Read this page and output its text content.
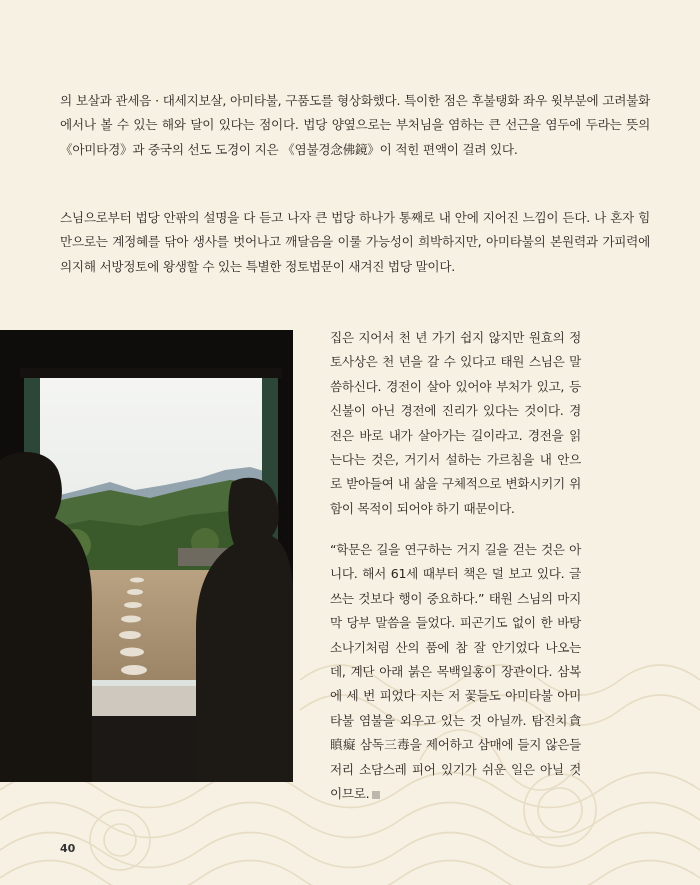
의 보살과 관세음 · 대세지보살, 아미타불, 구품도를 형상화했다. 특이한 점은 후불탱화 좌우 윗부분에 고려불화에서나 볼 수 있는 해와 달이 있다는 점이다. 법당 양옆으로는 부처님을 염하는 큰 선근을 염두에 두라는 뜻의 《아미타경》과 중국의 선도 도경이 지은 《염불경念佛鏡》이 적힌 편액이 걸려 있다.

스님으로부터 법당 안팎의 설명을 다 듣고 나자 큰 법당 하나가 통째로 내 안에 지어진 느낌이 든다. 나 혼자 힘만으로는 계정혜를 닦아 생사를 벗어나고 깨달음을 이룰 가능성이 희박하지만, 아미타불의 본원력과 가피력에 의지해 서방정토에 왕생할 수 있는 특별한 정토법문이 새겨진 법당 말이다.

집은 지어서 천 년 가기 쉽지 않지만 원효의 정토사상은 천 년을 갈 수 있다고 태원 스님은 말씀하신다. 경전이 살아 있어야 부처가 있고, 등신불이 아닌 경전에 진리가 있다는 것이다. 경전은 바로 내가 살아가는 길이라고. 경전을 읽는다는 것은, 거기서 설하는 가르침을 내 안으로 받아들여 내 삶을 구체적으로 변화시키기 위함이 목적이 되어야 하기 때문이다.

“학문은 길을 연구하는 거지 길을 걷는 것은 아니다. 해서 61세 때부터 책은 덜 보고 있다. 글 쓰는 것보다 행이 중요하다.” 태원 스님의 마지막 당부 말씀을 들었다. 피곤기도 없이 한 바탕 소나기처럼 산의 품에 참 잘 안기었다 나오는데, 계단 아래 붉은 목백일홍이 장관이다. 삼복에 세 번 피었다 지는 저 꽃들도 아미타불 아미타불 염불을 외우고 있는 것 아닐까. 탐진치貪瞋癡 삼독三毒을 제어하고 삼매에 들지 않은들 저리 소담스레 피어 있기가 쉬운 일은 아닐 것이므로.

40
